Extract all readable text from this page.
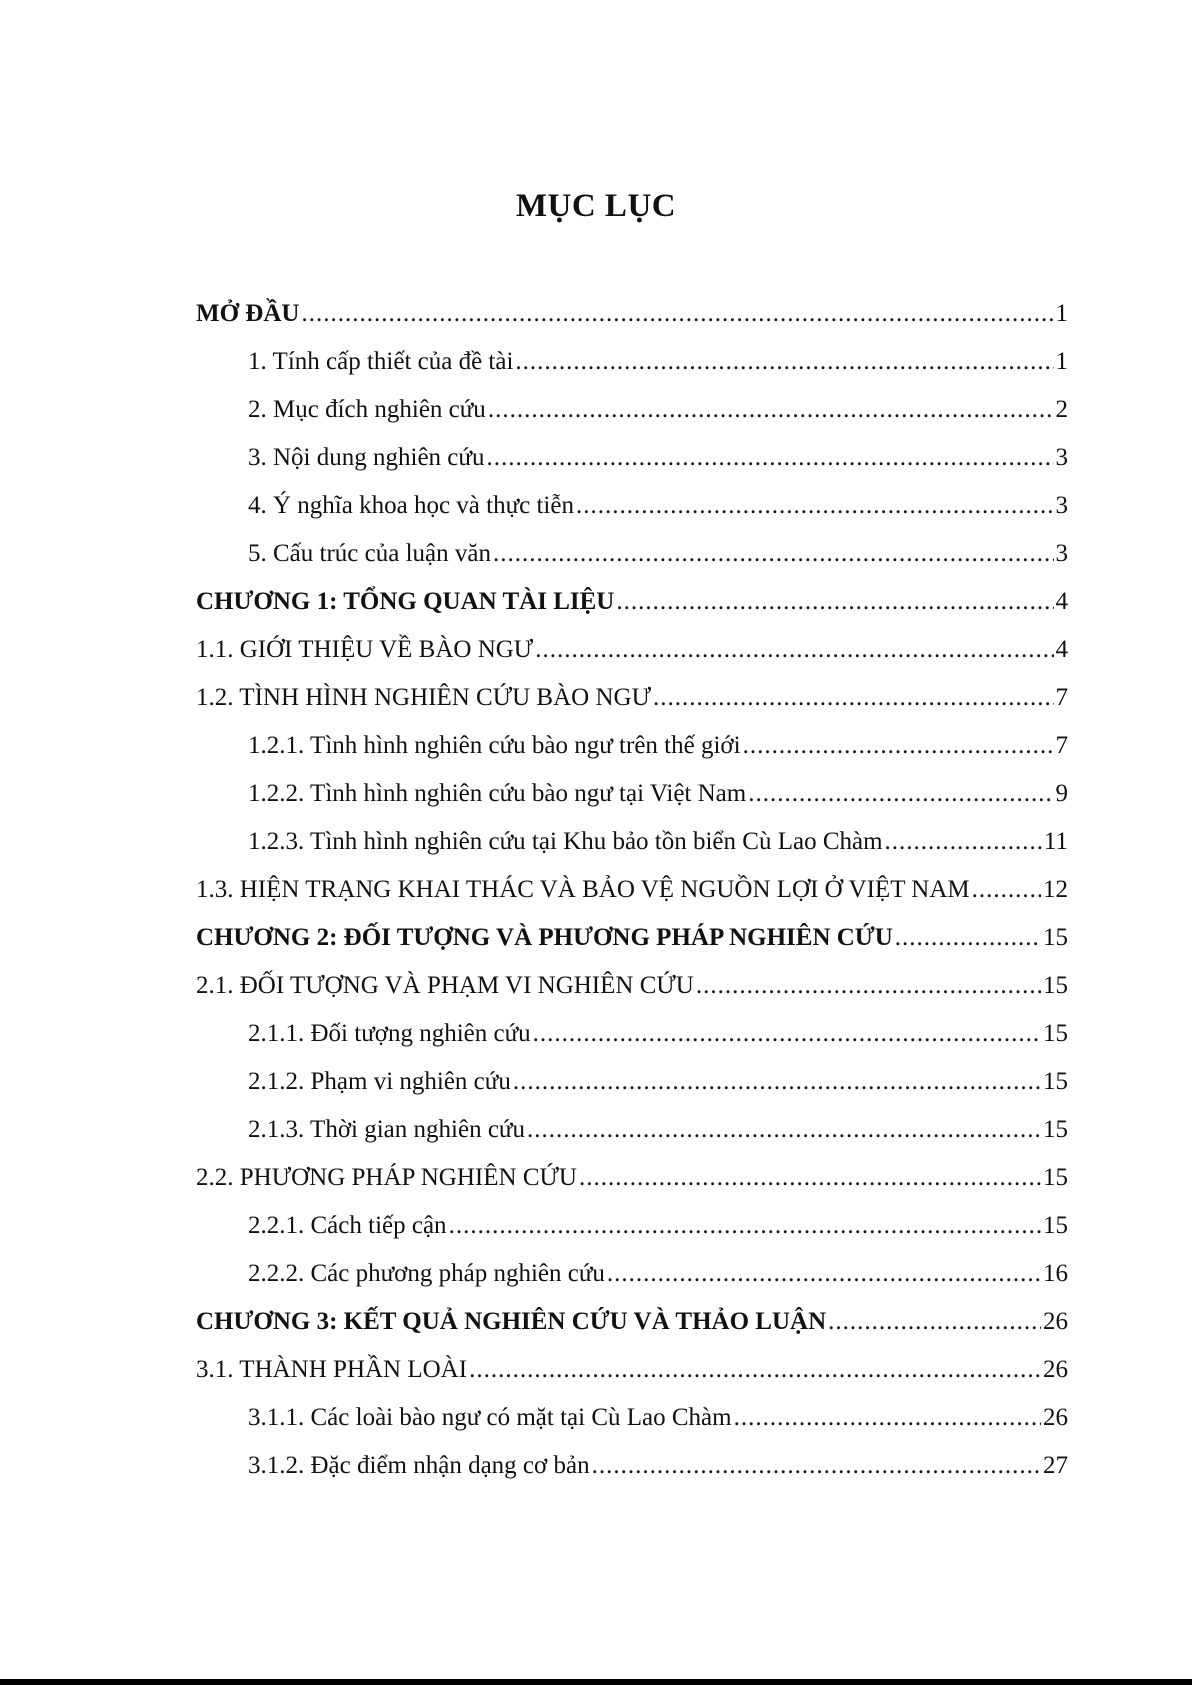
MỤC LỤC
MỞ ĐẦU .....	1
1. Tính cấp thiết của đề tài .....	1
2. Mục đích nghiên cứu .....	2
3. Nội dung nghiên cứu .....	3
4. Ý nghĩa khoa học và thực tiễn .....	3
5. Cấu trúc của luận văn .....	3
CHƯƠNG 1: TỔNG QUAN TÀI LIỆU .....	4
1.1. GIỚI THIỆU VỀ BÀO NGƯ .....	4
1.2. TÌNH HÌNH NGHIÊN CỨU BÀO NGƯ .....	7
1.2.1. Tình hình nghiên cứu bào ngư trên thế giới .....	7
1.2.2. Tình hình nghiên cứu bào ngư tại Việt Nam .....	9
1.2.3. Tình hình nghiên cứu tại Khu bảo tồn biển Cù Lao Chàm .....	11
1.3. HIỆN TRẠNG KHAI THÁC VÀ BẢO VỆ NGUỒN LỢI Ở VIỆT NAM .....	12
CHƯƠNG 2: ĐỐI TƯỢNG VÀ PHƯƠNG PHÁP NGHIÊN CỨU .....	15
2.1. ĐỐI TƯỢNG VÀ PHẠM VI NGHIÊN CỨU .....	15
2.1.1. Đối tượng nghiên cứu .....	15
2.1.2. Phạm vi nghiên cứu .....	15
2.1.3. Thời gian nghiên cứu .....	15
2.2. PHƯƠNG PHÁP NGHIÊN CỨU .....	15
2.2.1. Cách tiếp cận .....	15
2.2.2. Các phương pháp nghiên cứu .....	16
CHƯƠNG 3: KẾT QUẢ NGHIÊN CỨU VÀ THẢO LUẬN .....	26
3.1. THÀNH PHẦN LOÀI .....	26
3.1.1. Các loài bào ngư có mặt tại Cù Lao Chàm .....	26
3.1.2. Đặc điểm nhận dạng cơ bản .....	27
